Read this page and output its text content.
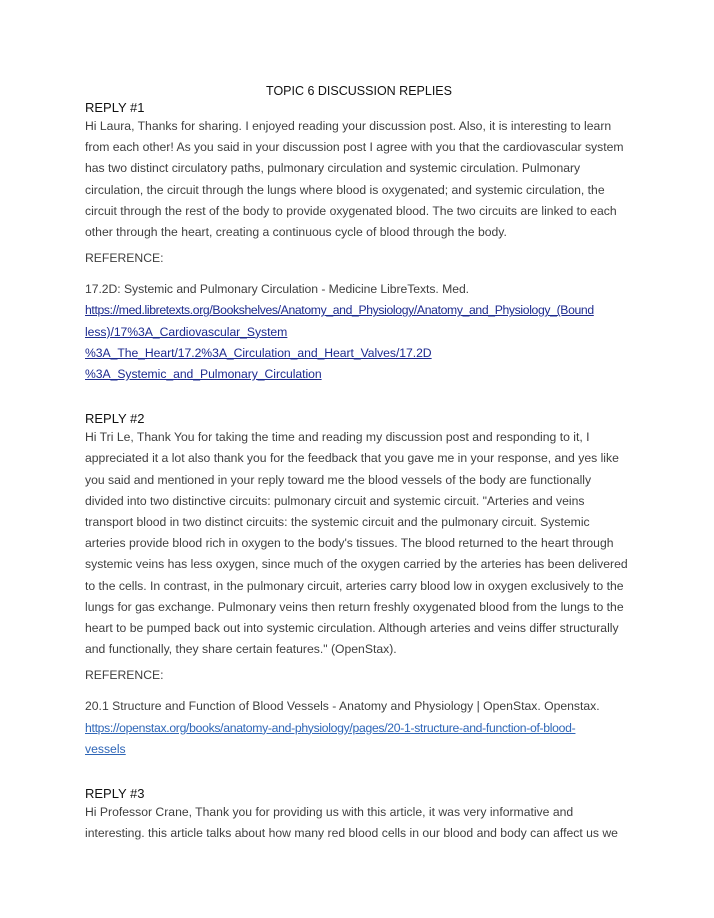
TOPIC 6 DISCUSSION REPLIES

REPLY #1

Hi Laura, Thanks for sharing. I enjoyed reading your discussion post. Also, it is interesting to learn from each other! As you said in your discussion post I agree with you that the cardiovascular system has two distinct circulatory paths, pulmonary circulation and systemic circulation. Pulmonary circulation, the circuit through the lungs where blood is oxygenated; and systemic circulation, the circuit through the rest of the body to provide oxygenated blood. The two circuits are linked to each other through the heart, creating a continuous cycle of blood through the body.

REFERENCE:

17.2D: Systemic and Pulmonary Circulation - Medicine LibreTexts. Med.

https://med.libretexts.org/Bookshelves/Anatomy_and_Physiology/Anatomy_and_Physiology_(Bound
less)/17%3A_Cardiovascular_System
%3A_The_Heart/17.2%3A_Circulation_and_Heart_Valves/17.2D
%3A_Systemic_and_Pulmonary_Circulation

REPLY #2

Hi Tri Le, Thank You for taking the time and reading my discussion post and responding to it, I appreciated it a lot also thank you for the feedback that you gave me in your response, and yes like you said and mentioned in your reply toward me the blood vessels of the body are functionally divided into two distinctive circuits: pulmonary circuit and systemic circuit. "Arteries and veins transport blood in two distinct circuits: the systemic circuit and the pulmonary circuit. Systemic arteries provide blood rich in oxygen to the body's tissues. The blood returned to the heart through systemic veins has less oxygen, since much of the oxygen carried by the arteries has been delivered to the cells. In contrast, in the pulmonary circuit, arteries carry blood low in oxygen exclusively to the lungs for gas exchange. Pulmonary veins then return freshly oxygenated blood from the lungs to the heart to be pumped back out into systemic circulation. Although arteries and veins differ structurally and functionally, they share certain features." (OpenStax).

REFERENCE:

20.1 Structure and Function of Blood Vessels - Anatomy and Physiology | OpenStax. Openstax.

https://openstax.org/books/anatomy-and-physiology/pages/20-1-structure-and-function-of-blood-
vessels

REPLY #3

Hi Professor Crane, Thank you for providing us with this article, it was very informative and interesting. this article talks about how many red blood cells in our blood and body can affect us we
